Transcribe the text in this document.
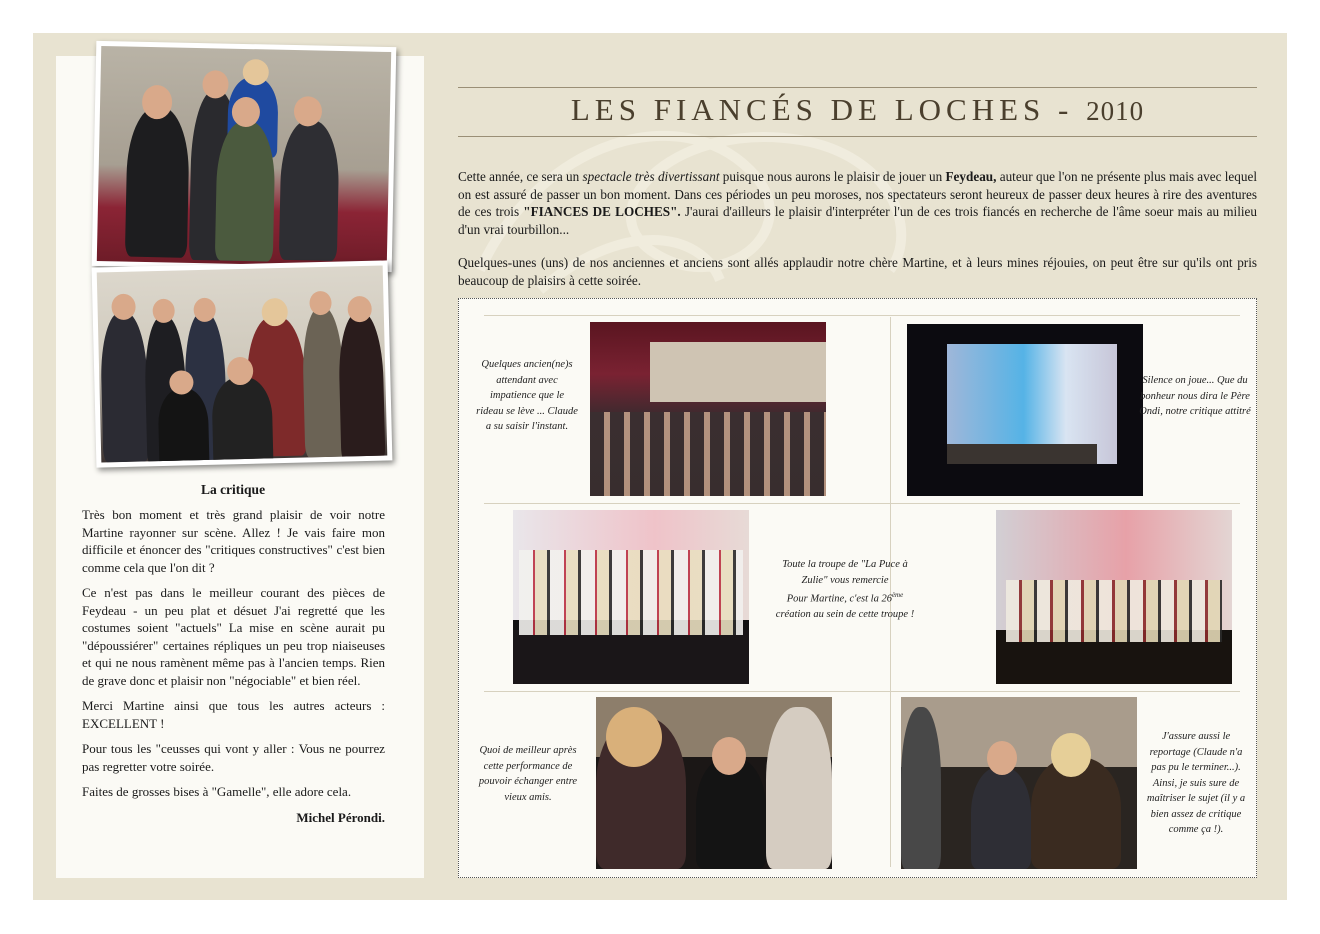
La critique

Très bon moment et très grand plaisir de voir notre Martine rayonner sur scène. Allez ! Je vais faire mon difficile et énoncer des "critiques constructives" c'est bien comme cela que l'on dit ?

Ce n'est pas dans le meilleur courant des pièces de Feydeau - un peu plat et désuet J'ai regretté que les costumes soient "actuels" La mise en scène aurait pu "dépoussiérer" certaines répliques un peu trop niaiseuses et qui ne nous ramènent même pas à l'ancien temps. Rien de grave donc et plaisir non "négociable" et bien réel.

Merci Martine ainsi que tous les autres acteurs : EXCELLENT !

Pour tous les "ceusses qui vont y aller : Vous ne pourrez pas regretter votre soirée.

Faites de grosses bises à "Gamelle", elle adore cela.

Michel Pérondi.

LES FIANCÉS DE LOCHES - 2010

Cette année, ce sera un spectacle très divertissant puisque nous aurons le plaisir de jouer un Feydeau, auteur que l'on ne présente plus mais avec lequel on est assuré de passer un bon moment. Dans ces périodes un peu moroses, nos spectateurs seront heureux de passer deux heures à rire des aventures de ces trois "FIANCES DE LOCHES". J'aurai d'ailleurs le plaisir d'interpréter l'un de ces trois fiancés en recherche de l'âme soeur mais au milieu d'un vrai tourbillon...

Quelques-unes (uns) de nos anciennes et anciens sont allés applaudir notre chère Martine, et à leurs mines réjouies, on peut être sur qu'ils ont pris beaucoup de plaisirs à cette soirée.

Quelques ancien(ne)s attendant avec impatience que le rideau se lève ... Claude a su saisir l'instant.
Silence on joue... Que du bonheur nous dira le Père Ondi, notre critique attitré
Toute la troupe de "La Puce à Zulie" vous remercie
Pour Martine, c'est la 26ème création au sein de cette troupe !
Quoi de meilleur après cette performance de pouvoir échanger entre vieux amis.
J'assure aussi le reportage (Claude n'a pas pu le terminer...). Ainsi, je suis sure de maîtriser le sujet (il y a bien assez de critique comme ça !).
